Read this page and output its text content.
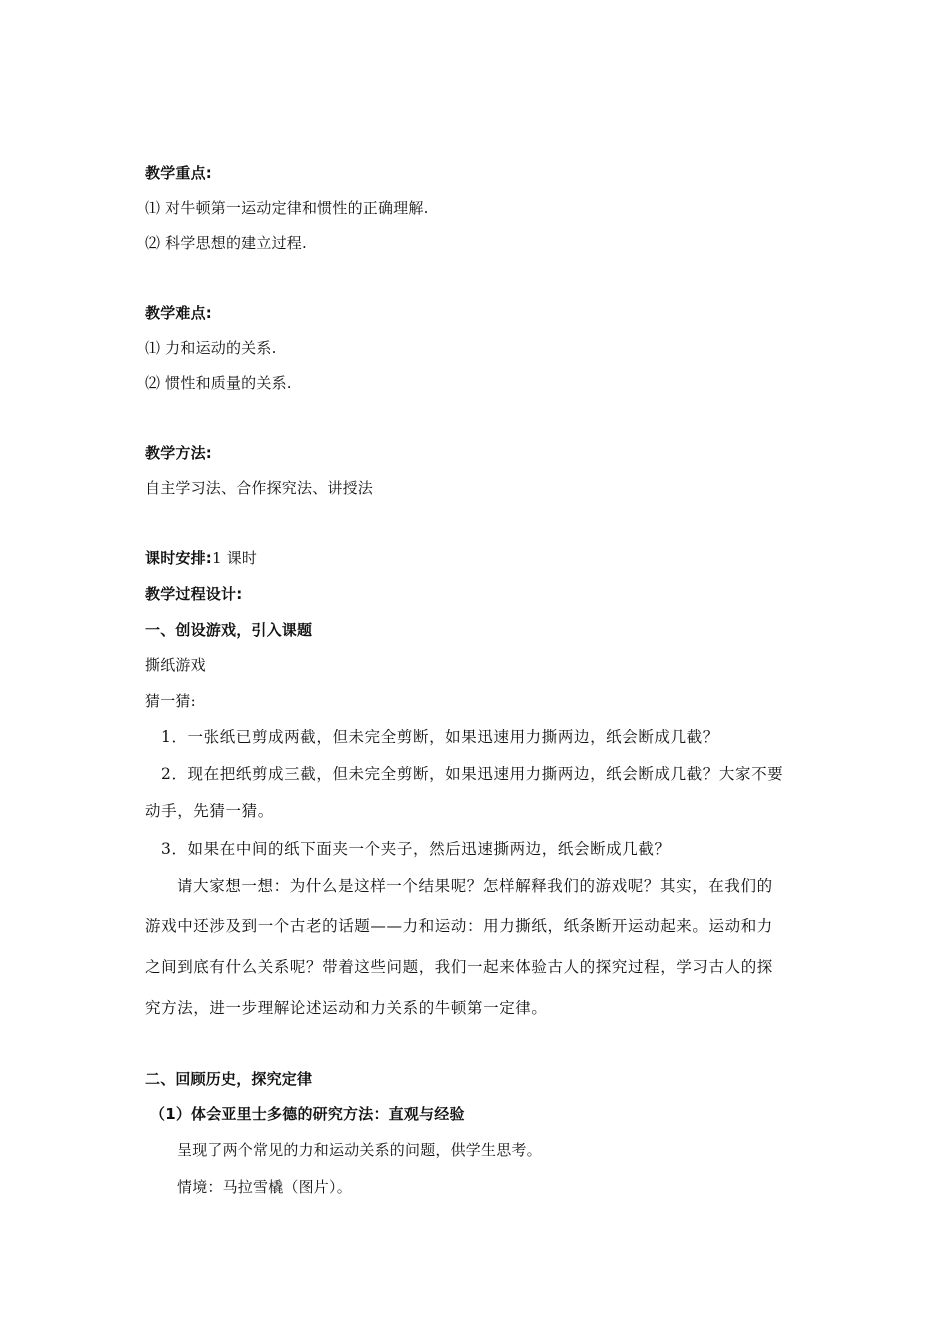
教学重点:
⑴ 对牛顿第一运动定律和惯性的正确理解.
⑵ 科学思想的建立过程.
教学难点:
⑴ 力和运动的关系.
⑵ 惯性和质量的关系.
教学方法:
自主学习法、合作探究法、讲授法
课时安排:1 课时
教学过程设计:
一、创设游戏，引入课题
撕纸游戏
猜一猜:
1．一张纸已剪成两截，但未完全剪断，如果迅速用力撕两边，纸会断成几截？
2．现在把纸剪成三截，但未完全剪断，如果迅速用力撕两边，纸会断成几截？大家不要
动手，先猜一猜。
3．如果在中间的纸下面夹一个夹子，然后迅速撕两边，纸会断成几截？
请大家想一想：为什么是这样一个结果呢？怎样解释我们的游戏呢？其实，在我们的
游戏中还涉及到一个古老的话题——力和运动：用力撕纸，纸条断开运动起来。运动和力
之间到底有什么关系呢？带着这些问题，我们一起来体验古人的探究过程，学习古人的探
究方法，进一步理解论述运动和力关系的牛顿第一定律。
二、回顾历史，探究定律
（1）体会亚里士多德的研究方法：直观与经验
呈现了两个常见的力和运动关系的问题，供学生思考。
情境：马拉雪橇（图片）。
